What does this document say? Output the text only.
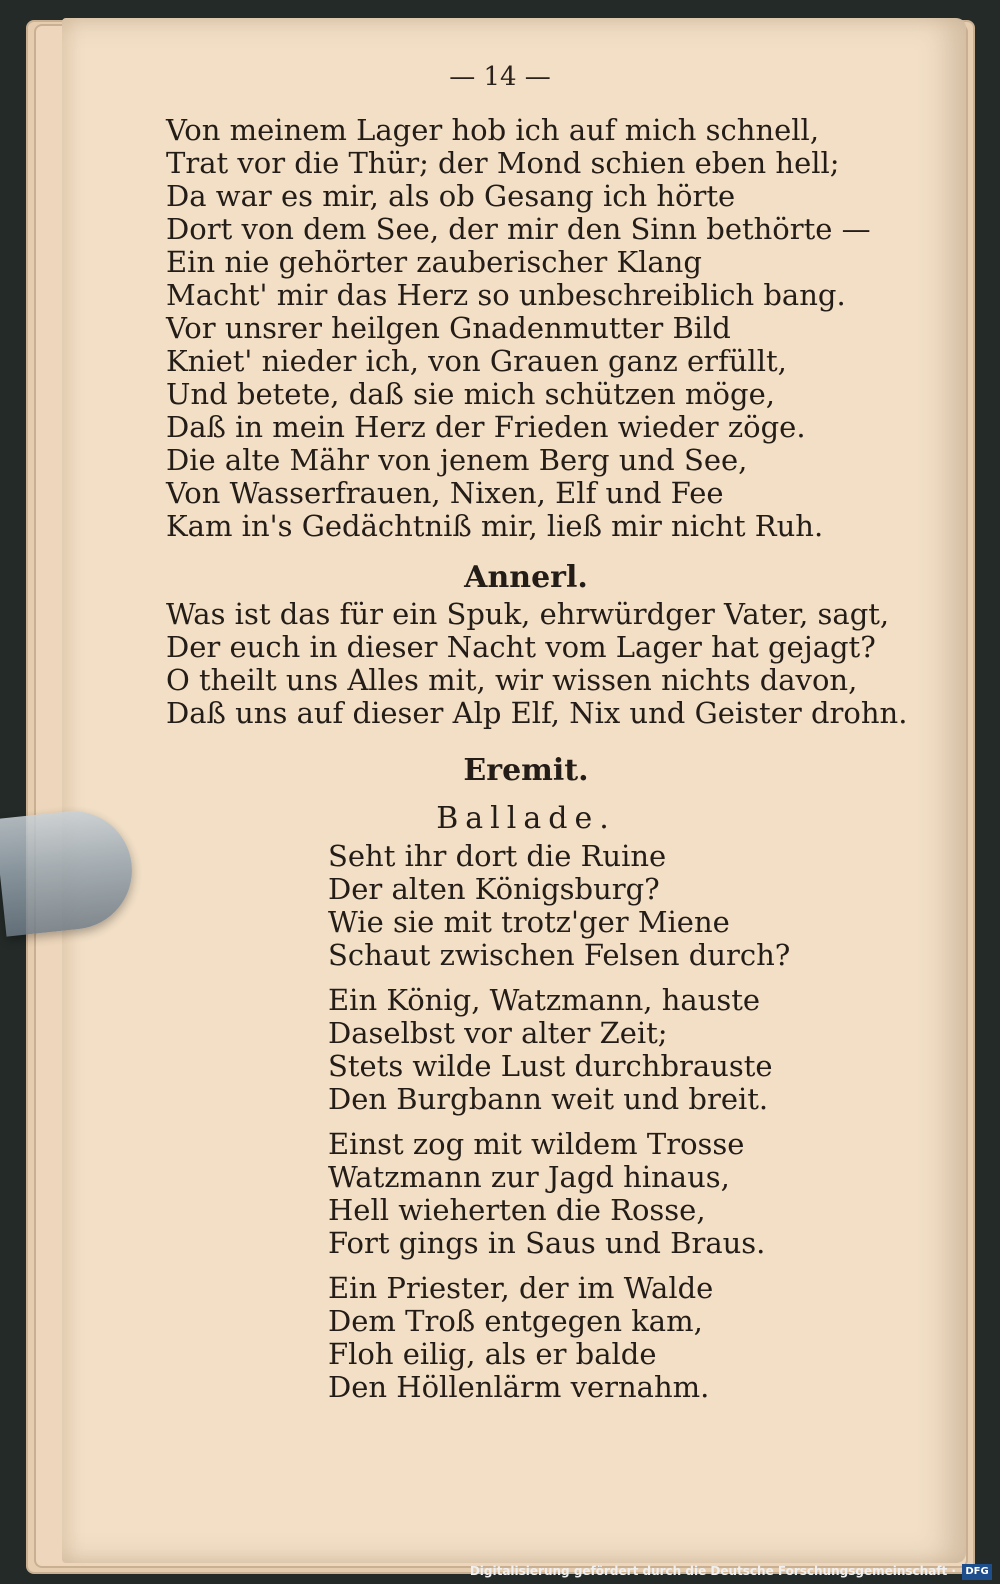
— 14 —
Von meinem Lager hob ich auf mich schnell,
Trat vor die Thür; der Mond schien eben hell;
Da war es mir, als ob Gesang ich hörte
Dort von dem See, der mir den Sinn bethörte —
Ein nie gehörter zauberischer Klang
Macht' mir das Herz so unbeschreiblich bang.
Vor unsrer heilgen Gnadenmutter Bild
Kniet' nieder ich, von Grauen ganz erfüllt,
Und betete, daß sie mich schützen möge,
Daß in mein Herz der Frieden wieder zöge.
Die alte Mähr von jenem Berg und See,
Von Wasserfrauen, Nixen, Elf und Fee
Kam in's Gedächtniß mir, ließ mir nicht Ruh.
Annerl.
Was ist das für ein Spuk, ehrwürdger Vater, sagt,
Der euch in dieser Nacht vom Lager hat gejagt?
O theilt uns Alles mit, wir wissen nichts davon,
Daß uns auf dieser Alp Elf, Nix und Geister drohn.
Eremit.
Ballade.
Seht ihr dort die Ruine
Der alten Königsburg?
Wie sie mit trotz'ger Miene
Schaut zwischen Felsen durch?
Ein König, Watzmann, hauste
Daselbst vor alter Zeit;
Stets wilde Lust durchbrauste
Den Burgbann weit und breit.
Einst zog mit wildem Trosse
Watzmann zur Jagd hinaus,
Hell wieherten die Rosse,
Fort gings in Saus und Braus.
Ein Priester, der im Walde
Dem Troß entgegen kam,
Floh eilig, als er balde
Den Höllenlärm vernahm.
Digitalisierung gefördert durch die Deutsche Forschungsgemeinschaft · DFG
